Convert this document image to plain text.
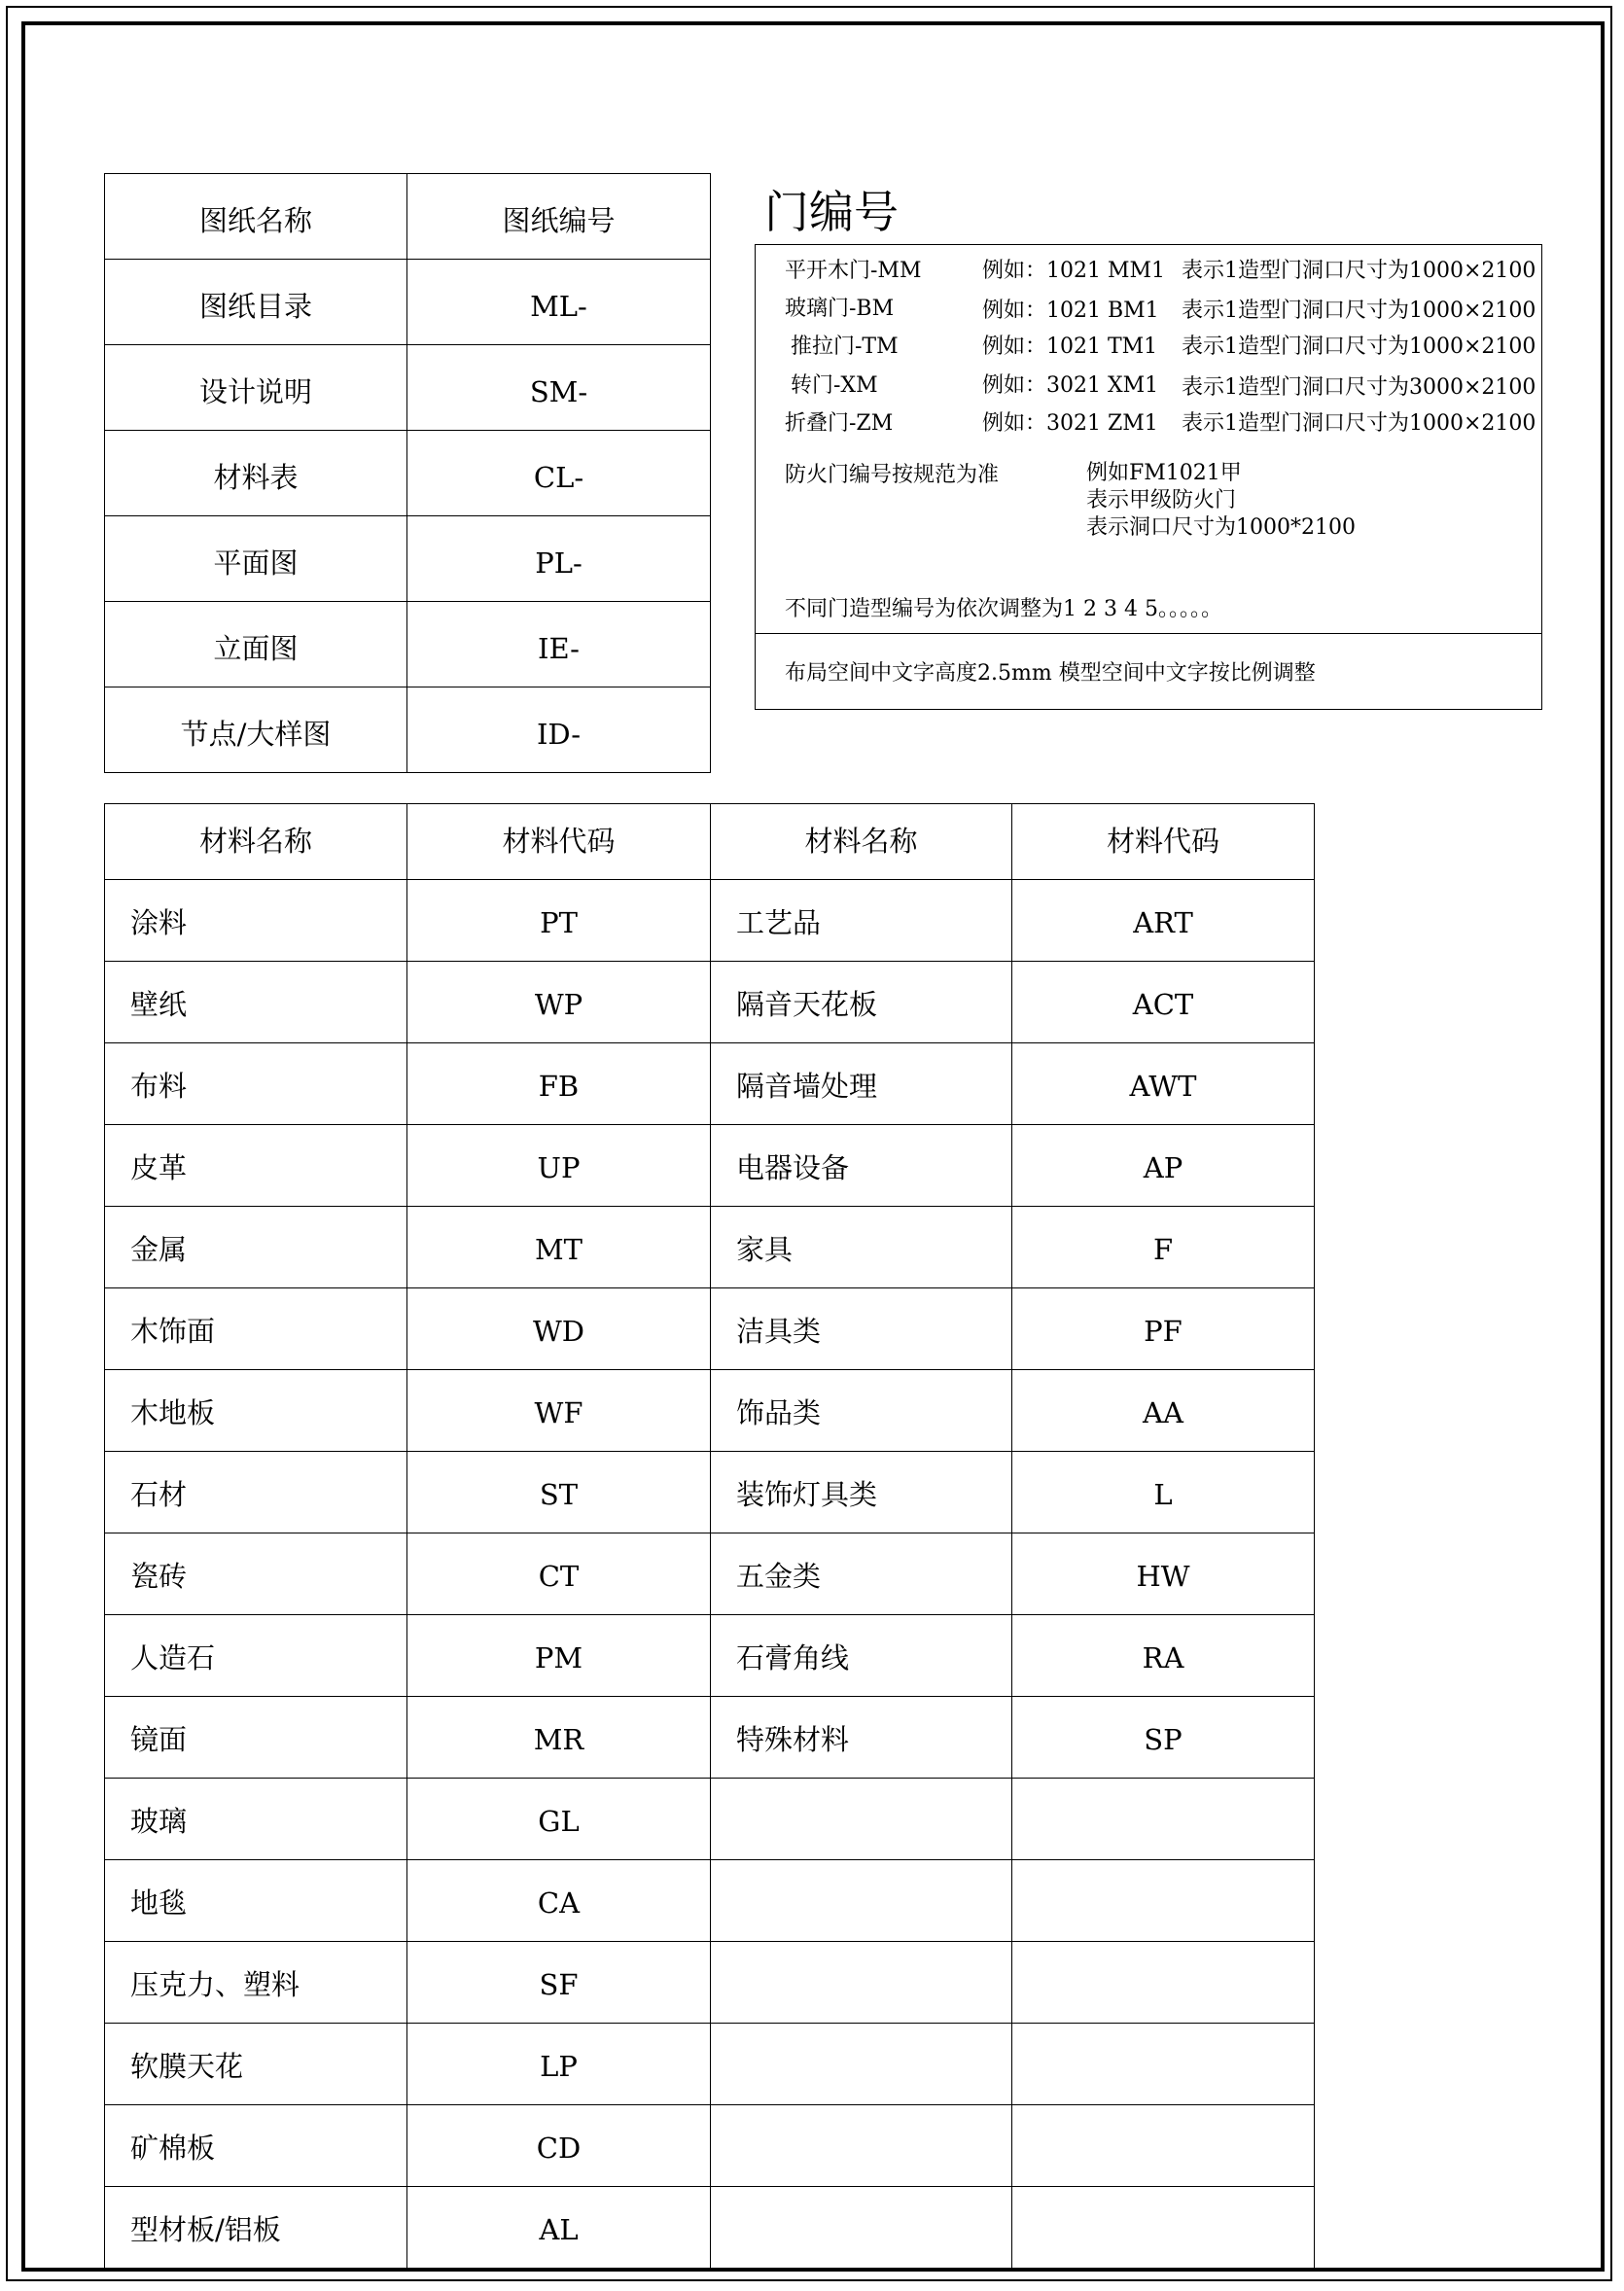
图纸名称	图纸编号
图纸目录	ML-
设计说明	SM-
材料表	CL-
平面图	PL-
立面图	IE-
节点/大样图	ID-
门编号
平开木门-MM	例如：1021 MM1 表示1造型门洞口尺寸为1000×2100
玻璃门-BM	例如：1021 BM1 表示1造型门洞口尺寸为1000×2100
推拉门-TM	例如：1021 TM1 表示1造型门洞口尺寸为1000×2100
转门-XM	例如：3021 XM1 表示1造型门洞口尺寸为3000×2100
折叠门-ZM	例如：3021 ZM1 表示1造型门洞口尺寸为1000×2100
防火门编号按规范为准	例如FM1021甲
表示甲级防火门
表示洞口尺寸为1000*2100
不同门造型编号为依次调整为1 2 3 4 5。。。。。
布局空间中文字高度2.5mm 模型空间中文字按比例调整
材料名称	材料代码	材料名称	材料代码
涂料	PT	工艺品	ART
壁纸	WP	隔音天花板	ACT
布料	FB	隔音墙处理	AWT
皮革	UP	电器设备	AP
金属	MT	家具	F
木饰面	WD	洁具类	PF
木地板	WF	饰品类	AA
石材	ST	装饰灯具类	L
瓷砖	CT	五金类	HW
人造石	PM	石膏角线	RA
镜面	MR	特殊材料	SP
玻璃	GL		
地毯	CA		
压克力、塑料	SF		
软膜天花	LP		
矿棉板	CD		
型材板/铝板	AL		
